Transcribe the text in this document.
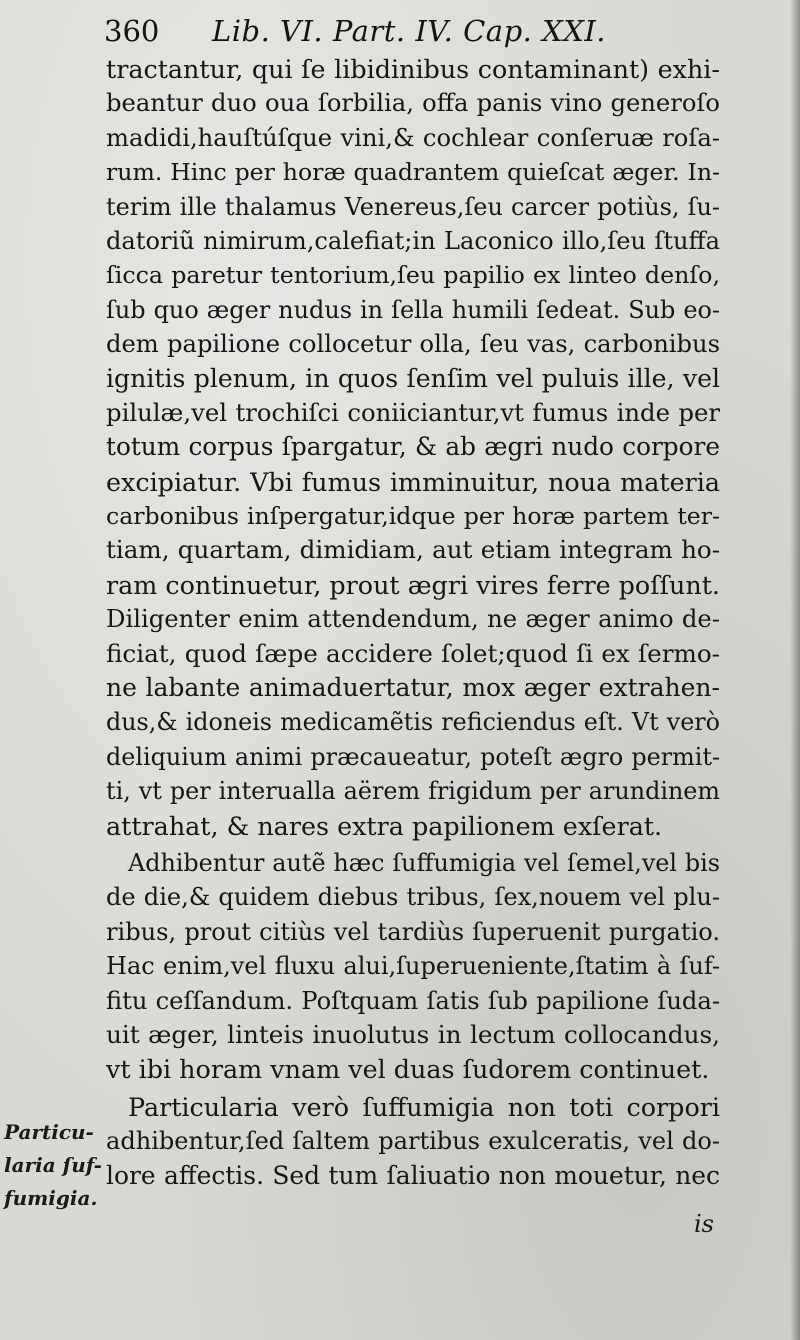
360 Lib. VI. Part. IV. Cap. XXI.
Particu-
laria ſuf-
fumigia.
tractantur, qui ſe libidinibus contaminant) exhi-
beantur duo oua ſorbilia, offa panis vino generoſo
madidi,hauſtúſque vini,& cochlear conſeruæ roſa-
rum. Hinc per horæ quadrantem quieſcat æger. In-
terim ille thalamus Venereus,ſeu carcer potiùs, ſu-
datoriũ nimirum,calefiat;in Laconico illo,ſeu ſtuffa
ſicca paretur tentorium,ſeu papilio ex linteo denſo,
ſub quo æger nudus in ſella humili ſedeat. Sub eo-
dem papilione collocetur olla, ſeu vas, carbonibus
ignitis plenum, in quos ſenſim vel puluis ille, vel
pilulæ,vel trochiſci coniiciantur,vt fumus inde per
totum corpus ſpargatur, & ab ægri nudo corpore
excipiatur. Vbi fumus imminuitur, noua materia
carbonibus inſpergatur,idque per horæ partem ter-
tiam, quartam, dimidiam, aut etiam integram ho-
ram continuetur, prout ægri vires ferre poſſunt.
Diligenter enim attendendum, ne æger animo de-
ficiat, quod ſæpe accidere ſolet;quod ſi ex ſermo-
ne labante animaduertatur, mox æger extrahen-
dus,& idoneis medicamẽtis reficiendus eſt. Vt verò
deliquium animi præcaueatur, poteſt ægro permit-
ti, vt per interualla aërem frigidum per arundinem
attrahat, & nares extra papilionem exſerat.
Adhibentur autẽ hæc ſuffumigia vel ſemel,vel bis
de die,& quidem diebus tribus, ſex,nouem vel plu-
ribus, prout citiùs vel tardiùs ſuperuenit purgatio.
Hac enim,vel fluxu alui,ſuperueniente,ſtatim à ſuf-
fitu ceſſandum. Poſtquam ſatis ſub papilione ſuda-
uit æger, linteis inuolutus in lectum collocandus,
vt ibi horam vnam vel duas ſudorem continuet.
Particularia verò ſuffumigia non toti corpori
adhibentur,ſed ſaltem partibus exulceratis, vel do-
lore affectis. Sed tum ſaliuatio non mouetur, nec
is
